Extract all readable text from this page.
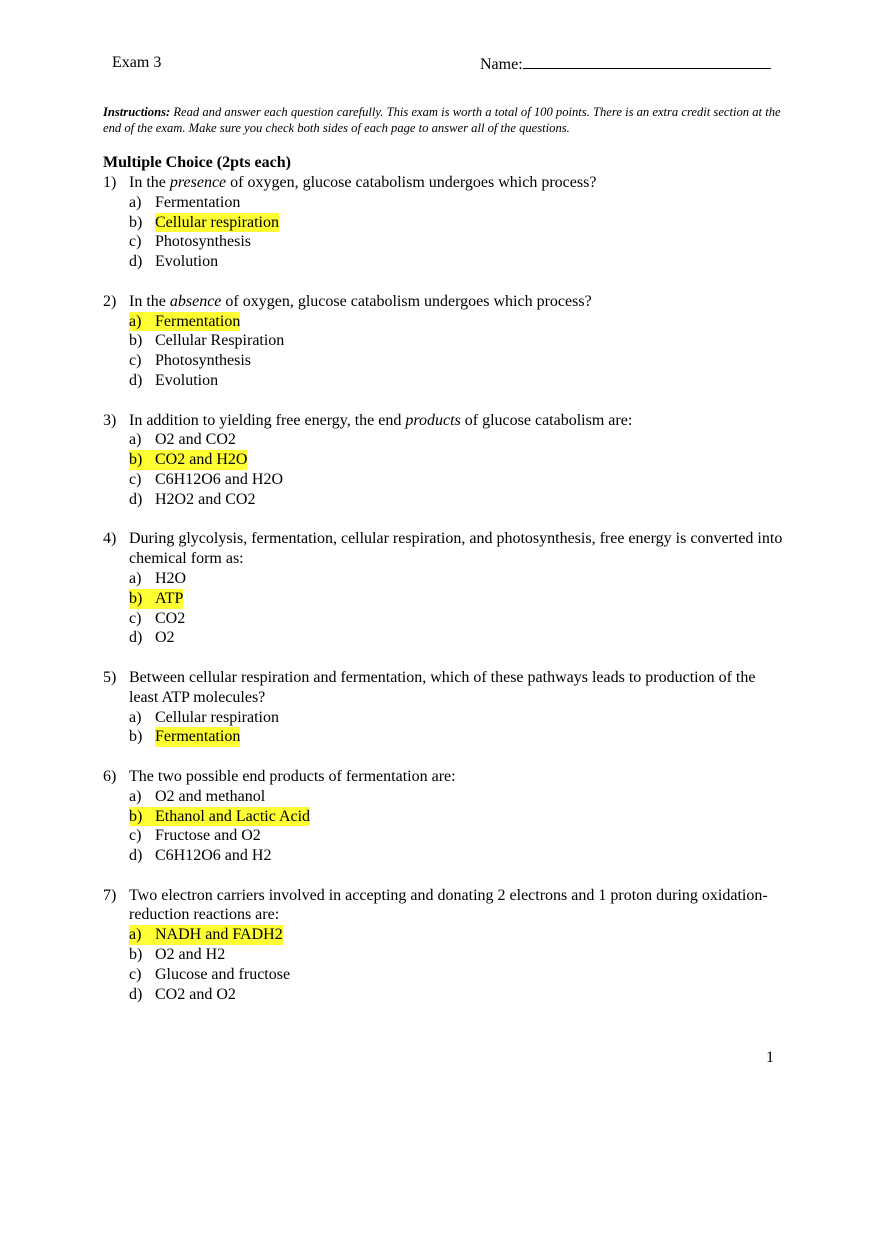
Exam 3	Name:
Instructions: Read and answer each question carefully. This exam is worth a total of 100 points. There is an extra credit section at the end of the exam. Make sure you check both sides of each page to answer all of the questions.
Multiple Choice (2pts each)
1) In the presence of oxygen, glucose catabolism undergoes which process?
a) Fermentation
b) Cellular respiration
c) Photosynthesis
d) Evolution
2) In the absence of oxygen, glucose catabolism undergoes which process?
a) Fermentation
b) Cellular Respiration
c) Photosynthesis
d) Evolution
3) In addition to yielding free energy, the end products of glucose catabolism are:
a) O2 and CO2
b) CO2 and H2O
c) C6H12O6 and H2O
d) H2O2 and CO2
4) During glycolysis, fermentation, cellular respiration, and photosynthesis, free energy is converted into chemical form as:
a) H2O
b) ATP
c) CO2
d) O2
5) Between cellular respiration and fermentation, which of these pathways leads to production of the least ATP molecules?
a) Cellular respiration
b) Fermentation
6) The two possible end products of fermentation are:
a) O2 and methanol
b) Ethanol and Lactic Acid
c) Fructose and O2
d) C6H12O6 and H2
7) Two electron carriers involved in accepting and donating 2 electrons and 1 proton during oxidation-reduction reactions are:
a) NADH and FADH2
b) O2 and H2
c) Glucose and fructose
d) CO2 and O2
1
